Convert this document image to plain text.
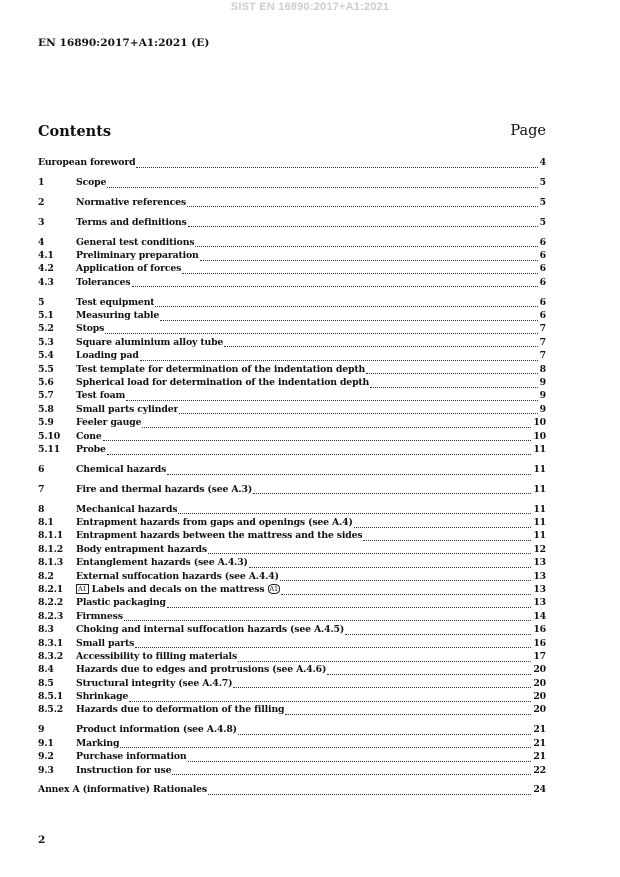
SIST EN 16890:2017+A1:2021
EN 16890:2017+A1:2021 (E)
Contents	Page
European foreword	4
1	Scope	5
2	Normative references	5
3	Terms and definitions	5
4	General test conditions	6
4.1	Preliminary preparation	6
4.2	Application of forces	6
4.3	Tolerances	6
5	Test equipment	6
5.1	Measuring table	6
5.2	Stops	7
5.3	Square aluminium alloy tube	7
5.4	Loading pad	7
5.5	Test template for determination of the indentation depth	8
5.6	Spherical load for determination of the indentation depth	9
5.7	Test foam	9
5.8	Small parts cylinder	9
5.9	Feeler gauge	10
5.10	Cone	10
5.11	Probe	11
6	Chemical hazards	11
7	Fire and thermal hazards (see A.3)	11
8	Mechanical hazards	11
8.1	Entrapment hazards from gaps and openings (see A.4)	11
8.1.1	Entrapment hazards between the mattress and the sides	11
8.1.2	Body entrapment hazards	12
8.1.3	Entanglement hazards (see A.4.3)	13
8.2	External suffocation hazards (see A.4.4)	13
8.2.1	A1 Labels and decals on the mattress A1	13
8.2.2	Plastic packaging	13
8.2.3	Firmness	14
8.3	Choking and internal suffocation hazards (see A.4.5)	16
8.3.1	Small parts	16
8.3.2	Accessibility to filling materials	17
8.4	Hazards due to edges and protrusions (see A.4.6)	20
8.5	Structural integrity (see A.4.7)	20
8.5.1	Shrinkage	20
8.5.2	Hazards due to deformation of the filling	20
9	Product information (see A.4.8)	21
9.1	Marking	21
9.2	Purchase information	21
9.3	Instruction for use	22
Annex A (informative) Rationales	24
2
